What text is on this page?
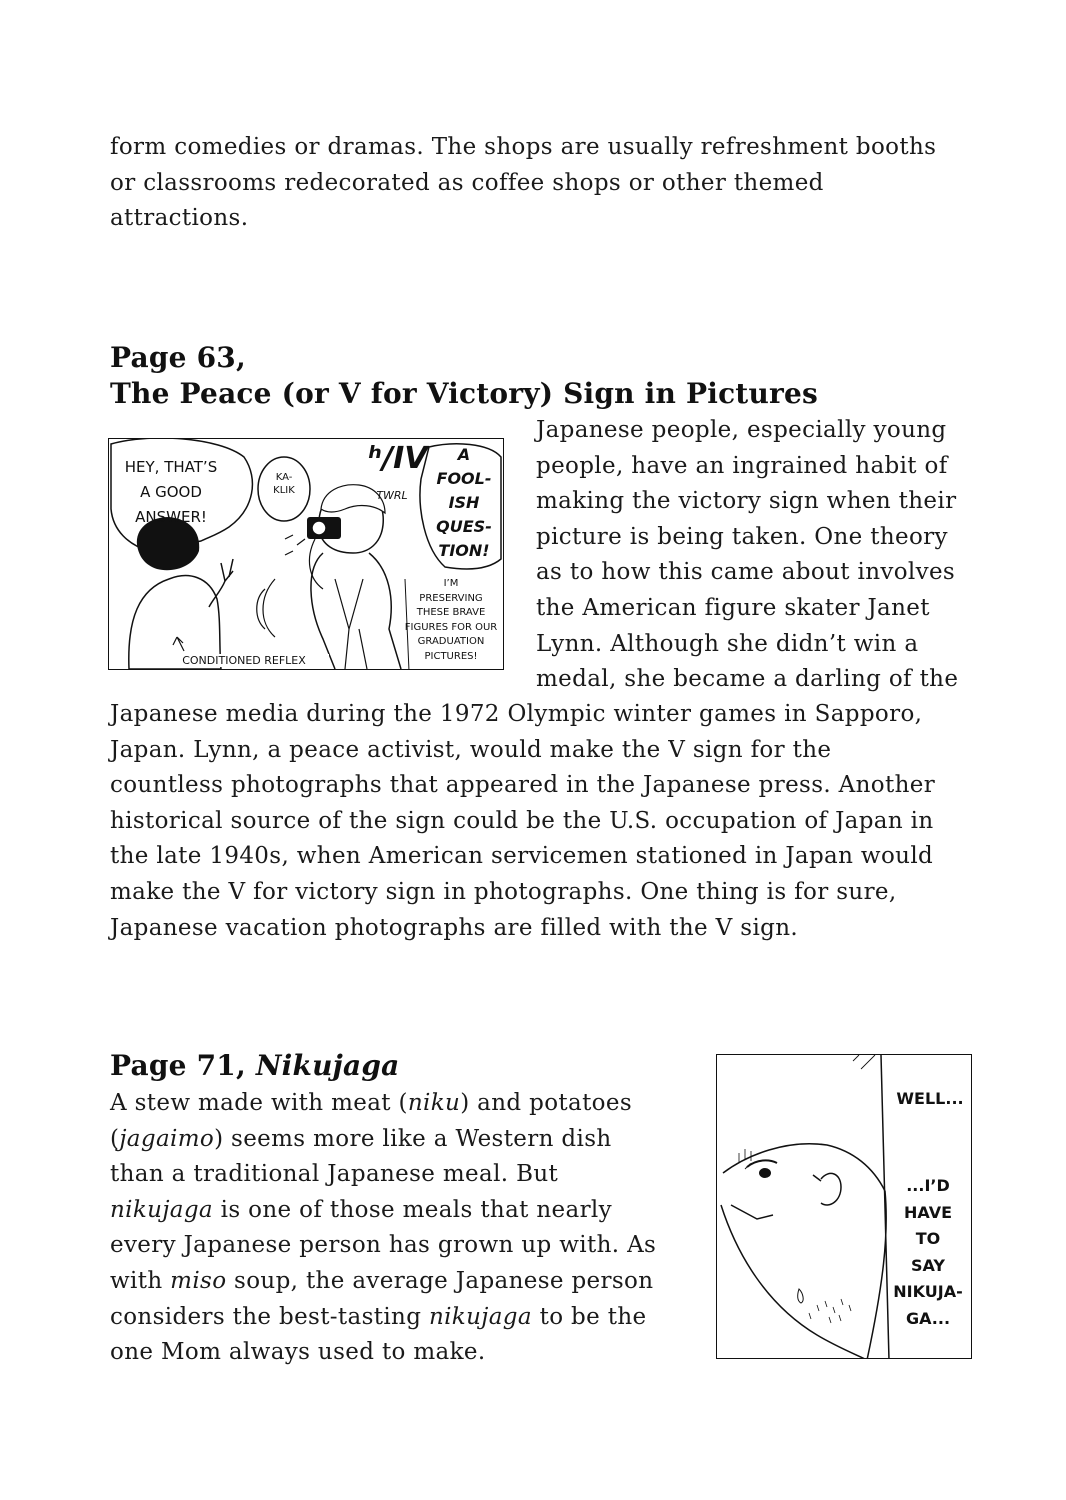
form comedies or dramas. The shops are usually refreshment booths
or classrooms redecorated as coffee shops or other themed
attractions.
Page 63,
The Peace (or V for Victory) Sign in Pictures
HEY, THAT’S
A GOOD
ANSWER!
KA-
KLIK
ʰ/IV
TWRL
A
FOOL-
ISH
QUES-
TION!
I’M
PRESERVING
THESE BRAVE
FIGURES FOR OUR
GRADUATION
PICTURES!
CONDITIONED REFLEX
Japanese people, especially young
people, have an ingrained habit of
making the victory sign when their
picture is being taken. One theory
as to how this came about involves
the American figure skater Janet
Lynn. Although she didn’t win a
medal, she became a darling of the
Japanese media during the 1972 Olympic winter games in Sapporo,
Japan. Lynn, a peace activist, would make the V sign for the
countless photographs that appeared in the Japanese press. Another
historical source of the sign could be the U.S. occupation of Japan in
the late 1940s, when American servicemen stationed in Japan would
make the V for victory sign in photographs. One thing is for sure,
Japanese vacation photographs are filled with the V sign.
Page 71, Nikujaga
A stew made with meat (niku) and potatoes
(jagaimo) seems more like a Western dish
than a traditional Japanese meal. But
nikujaga is one of those meals that nearly
every Japanese person has grown up with. As
with miso soup, the average Japanese person
considers the best-tasting nikujaga to be the
one Mom always used to make.
WELL...
...I’D
HAVE
TO
SAY
NIKUJA-
GA...
